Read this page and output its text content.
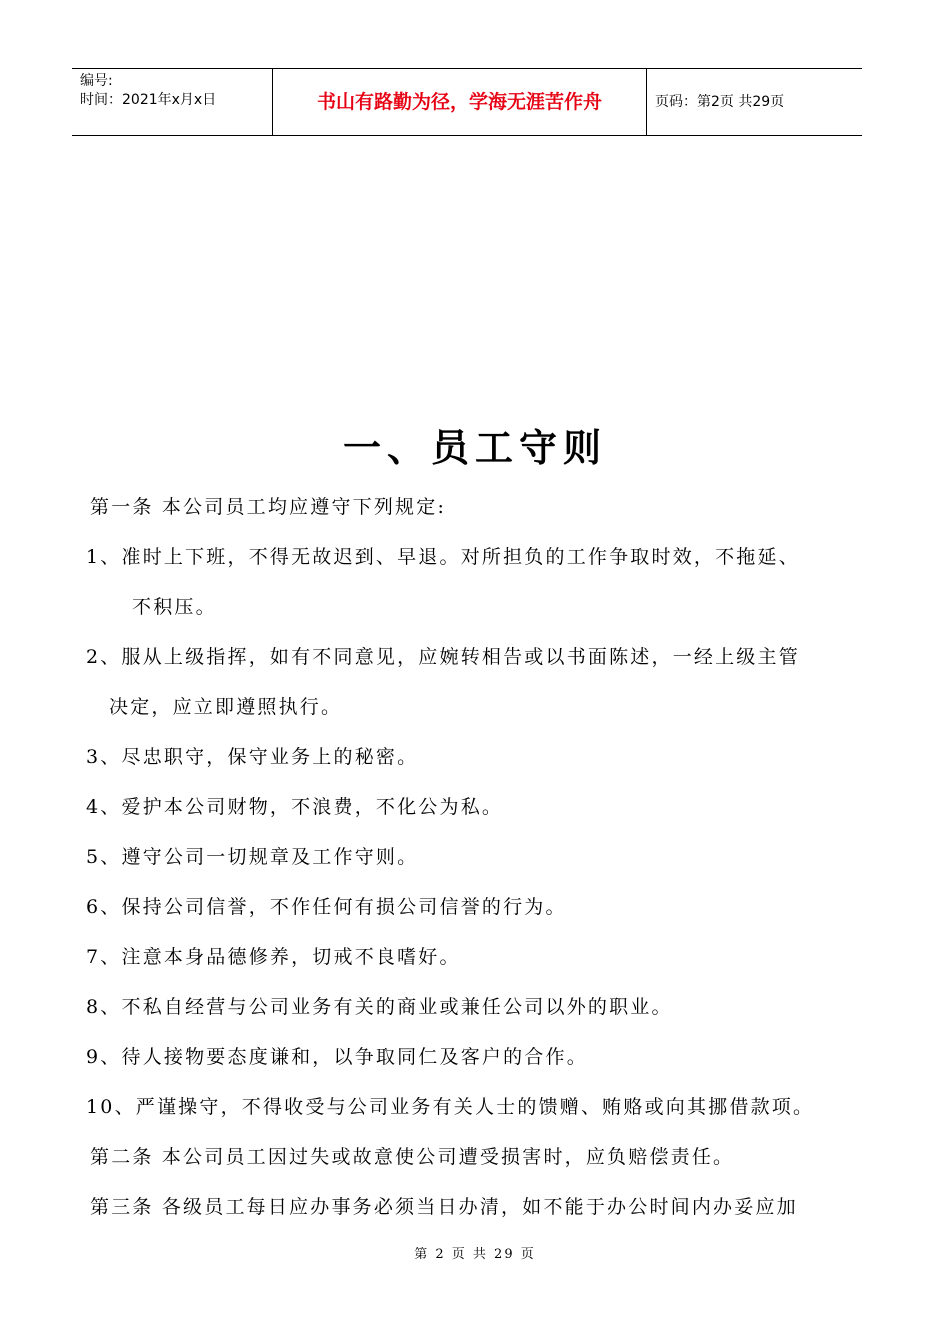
编号:
时间：2021年x月x日	书山有路勤为径，学海无涯苦作舟	页码：第2页 共29页
一、员工守则
第一条 本公司员工均应遵守下列规定:
1、准时上下班，不得无故迟到、早退。对所担负的工作争取时效，不拖延、
不积压。
2、服从上级指挥，如有不同意见，应婉转相告或以书面陈述，一经上级主管
决定，应立即遵照执行。
3、尽忠职守，保守业务上的秘密。
4、爱护本公司财物，不浪费，不化公为私。
5、遵守公司一切规章及工作守则。
6、保持公司信誉，不作任何有损公司信誉的行为。
7、注意本身品德修养，切戒不良嗜好。
8、不私自经营与公司业务有关的商业或兼任公司以外的职业。
9、待人接物要态度谦和，以争取同仁及客户的合作。
10、严谨操守，不得收受与公司业务有关人士的馈赠、贿赂或向其挪借款项。
第二条 本公司员工因过失或故意使公司遭受损害时，应负赔偿责任。
第三条 各级员工每日应办事务必须当日办清，如不能于办公时间内办妥应加
第 2 页 共 29 页
